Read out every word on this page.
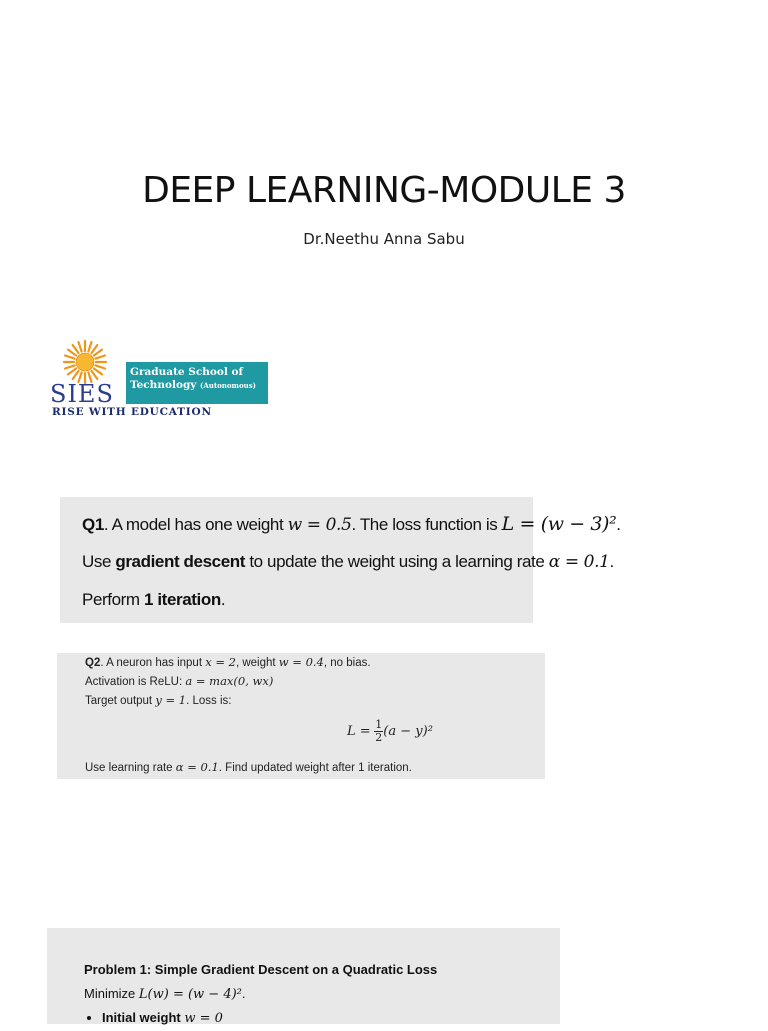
DEEP LEARNING-MODULE 3
Dr.Neethu Anna Sabu
SIES
Graduate School of
Technology (Autonomous)
RISE WITH EDUCATION
Q1. A model has one weight w = 0.5. The loss function is L = (w − 3)².
Use gradient descent to update the weight using a learning rate α = 0.1.
Perform 1 iteration.
Q2. A neuron has input x = 2, weight w = 0.4, no bias.
Activation is ReLU: a = max(0, wx)
Target output y = 1. Loss is:
$L = \frac{1}{2} (a - y)^2$
Use learning rate α = 0.1. Find updated weight after 1 iteration.
Problem 1: Simple Gradient Descent on a Quadratic Loss
Minimize L(w) = (w − 4)².
• Initial weight w = 0
